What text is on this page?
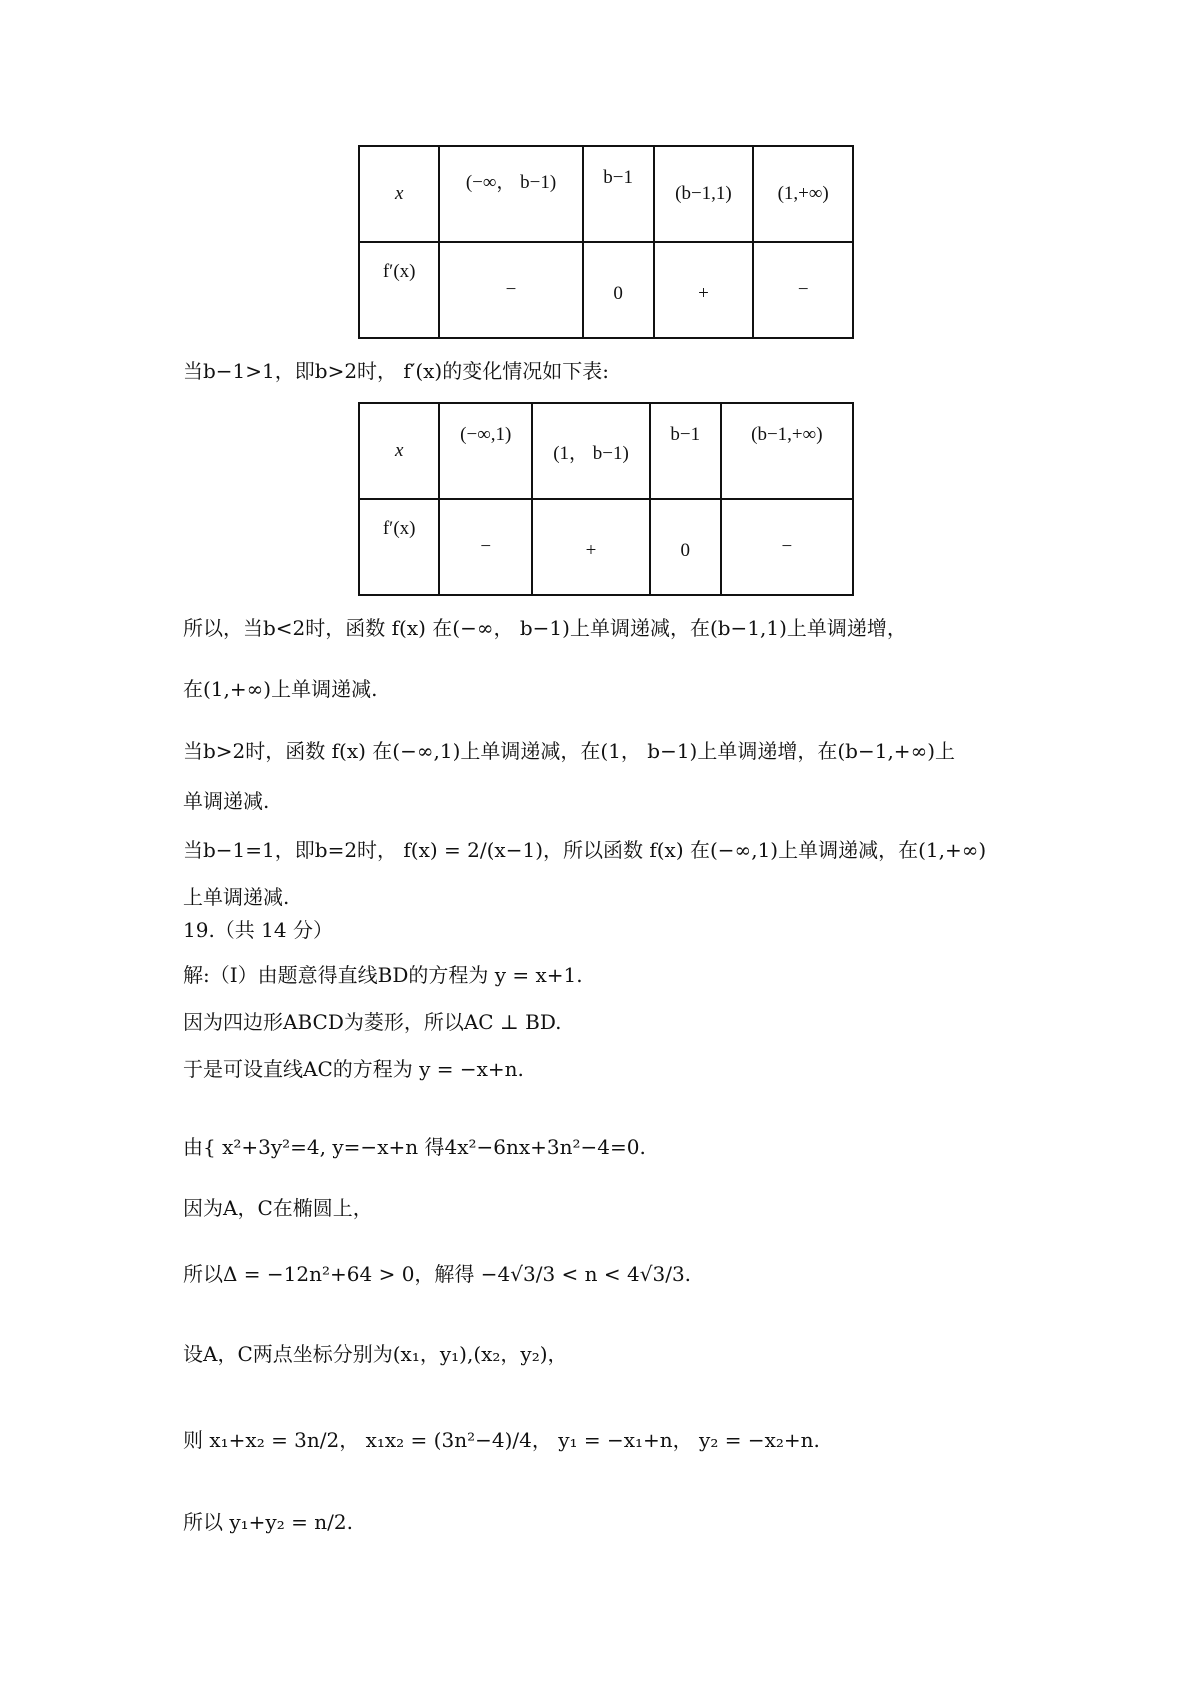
x	(−∞， b−1)	b−1	(b−1,1)	(1,+∞)
f′(x)	−	0	+	−
当b−1>1，即b>2时， f′(x)的变化情况如下表:
x	(−∞,1)	(1， b−1)	b−1	(b−1,+∞)
f′(x)	−	+	0	−
所以，当b<2时，函数 f(x) 在(−∞， b−1)上单调递减，在(b−1,1)上单调递增，
在(1,+∞)上单调递减.
当b>2时，函数 f(x) 在(−∞,1)上单调递减，在(1， b−1)上单调递增，在(b−1,+∞)上
单调递减.
当b−1=1，即b=2时， f(x) = 2/(x−1)，所以函数 f(x) 在(−∞,1)上单调递减，在(1,+∞)
上单调递减.
19.（共 14 分）
解:（Ⅰ）由题意得直线BD的方程为 y = x+1.
因为四边形ABCD为菱形，所以AC ⊥ BD.
于是可设直线AC的方程为 y = −x+n.
由{ x²+3y²=4, y=−x+n 得4x²−6nx+3n²−4=0.
因为A，C在椭圆上，
所以Δ = −12n²+64 > 0，解得 −4√3/3 < n < 4√3/3.
设A，C两点坐标分别为(x₁，y₁),(x₂，y₂)，
则 x₁+x₂ = 3n/2， x₁x₂ = (3n²−4)/4， y₁ = −x₁+n， y₂ = −x₂+n.
所以 y₁+y₂ = n/2.
